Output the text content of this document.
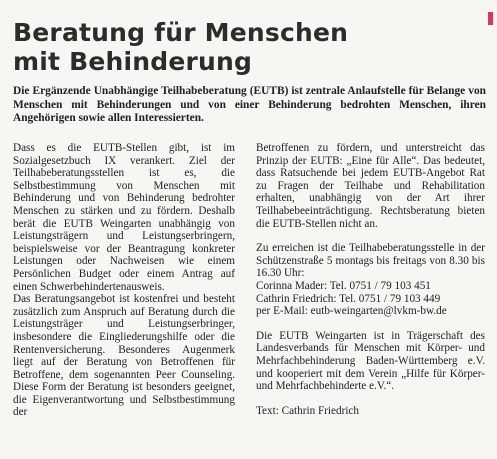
Beratung für Menschen
mit Behinderung
Die Ergänzende Unabhängige Teilhabeberatung (EUTB) ist zentrale Anlaufstelle für Belange von Menschen mit Behinderungen und von einer Behinderung bedrohten Menschen, ihren Angehörigen sowie allen Interessierten.

Dass es die EUTB-Stellen gibt, ist im Sozialgesetzbuch IX verankert. Ziel der Teilhabeberatungsstellen ist es, die Selbstbestimmung von Menschen mit Behinderung und von Behinderung bedrohter Menschen zu stärken und zu fördern. Deshalb berät die EUTB Weingarten unabhängig von Leistungsträgern und Leistungserbringern, beispielsweise vor der Beantragung konkreter Leistungen oder Nachweisen wie einem Persönlichen Budget oder einem Antrag auf einen Schwerbehindertenausweis.

Das Beratungsangebot ist kostenfrei und besteht zusätzlich zum Anspruch auf Beratung durch die Leistungsträger und Leistungserbringer, insbesondere die Eingliederungshilfe oder die Rentenversicherung. Besonderes Augenmerk liegt auf der Beratung von Betroffenen für Betroffene, dem sogenannten Peer Counseling. Diese Form der Beratung ist besonders geeignet, die Eigenverantwortung und Selbstbestimmung der

Betroffenen zu fördern, und unterstreicht das Prinzip der EUTB: „Eine für Alle“. Das bedeutet, dass Ratsuchende bei jedem EUTB-Angebot Rat zu Fragen der Teilhabe und Rehabilitation erhalten, unabhängig von der Art ihrer Teilhabebeeinträchtigung. Rechtsberatung bieten die EUTB-Stellen nicht an.

Zu erreichen ist die Teilhabeberatungsstelle in der Schützenstraße 5 montags bis freitags von 8.30 bis 16.30 Uhr:

Corinna Mader: Tel. 0751 / 79 103 451
Cathrin Friedrich: Tel. 0751 / 79 103 449
per E-Mail: eutb-weingarten@lvkm-bw.de

Die EUTB Weingarten ist in Trägerschaft des Landesverbands für Menschen mit Körper- und Mehrfachbehinderung Baden-Württemberg e.V. und kooperiert mit dem Verein „Hilfe für Körper- und Mehrfachbehinderte e.V.“.

Text: Cathrin Friedrich
